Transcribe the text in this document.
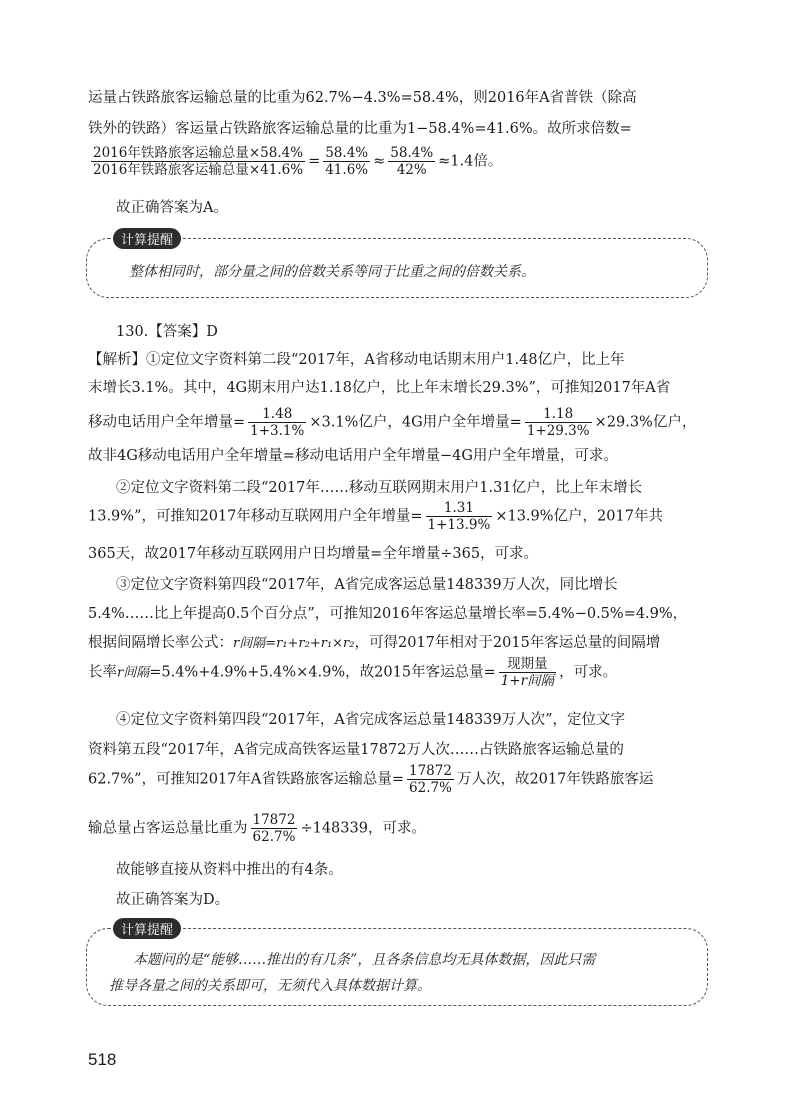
运量占铁路旅客运输总量的比重为62.7%−4.3%=58.4%，则2016年A省普铁（除高
铁外的铁路）客运量占铁路旅客运输总量的比重为1−58.4%=41.6%。故所求倍数=
$\frac{\text{2016年铁路旅客运输总量×58.4\%}}{\text{2016年铁路旅客运输总量×41.6\%}} = \frac{58.4\%}{41.6\%} \approx \frac{58.4\%}{42\%} \approx 1.4$倍。
故正确答案为A。
计算提醒
整体相同时，部分量之间的倍数关系等同于比重之间的倍数关系。
130.【答案】D
【解析】①定位文字资料第二段“2017年，A省移动电话期末用户1.48亿户，比上年
末增长3.1%。其中，4G期末用户达1.18亿户，比上年末增长29.3%”，可推知2017年A省
移动电话用户全年增量= $\frac{1.48}{1+3.1\%} \times 3.1\%$亿户，4G用户全年增量= $\frac{1.18}{1+29.3\%} \times 29.3\%$亿户，
故非4G移动电话用户全年增量=移动电话用户全年增量−4G用户全年增量，可求。
②定位文字资料第二段“2017年……移动互联网期末用户1.31亿户，比上年末增长
13.9%”，可推知2017年移动互联网用户全年增量= $\frac{1.31}{1+13.9\%} \times 13.9\%$亿户，2017年共
365天，故2017年移动互联网用户日均增量=全年增量÷365，可求。
③定位文字资料第四段“2017年，A省完成客运总量148339万人次，同比增长
5.4%……比上年提高0.5个百分点”，可推知2016年客运总量增长率=5.4%−0.5%=4.9%，
根据间隔增长率公式：r间隔=r₁+r₂+r₁×r₂，可得2017年相对于2015年客运总量的间隔增
长率r间隔=5.4%+4.9%+5.4%×4.9%，故2015年客运总量= $\frac{\text{现期量}}{\text{1+r间隔}}$ ，可求。
④定位文字资料第四段“2017年，A省完成客运总量148339万人次”，定位文字
资料第五段“2017年，A省完成高铁客运量17872万人次……占铁路旅客运输总量的
62.7%”，可推知2017年A省铁路旅客运输总量= $\frac{17872}{62.7\%}$ 万人次，故2017年铁路旅客运
输总量占客运总量比重为 $\frac{17872}{62.7\%} \div 148339$，可求。
故能够直接从资料中推出的有4条。
故正确答案为D。
计算提醒
本题问的是“能够……推出的有几条”，且各条信息均无具体数据，因此只需
推导各量之间的关系即可，无须代入具体数据计算。
518
